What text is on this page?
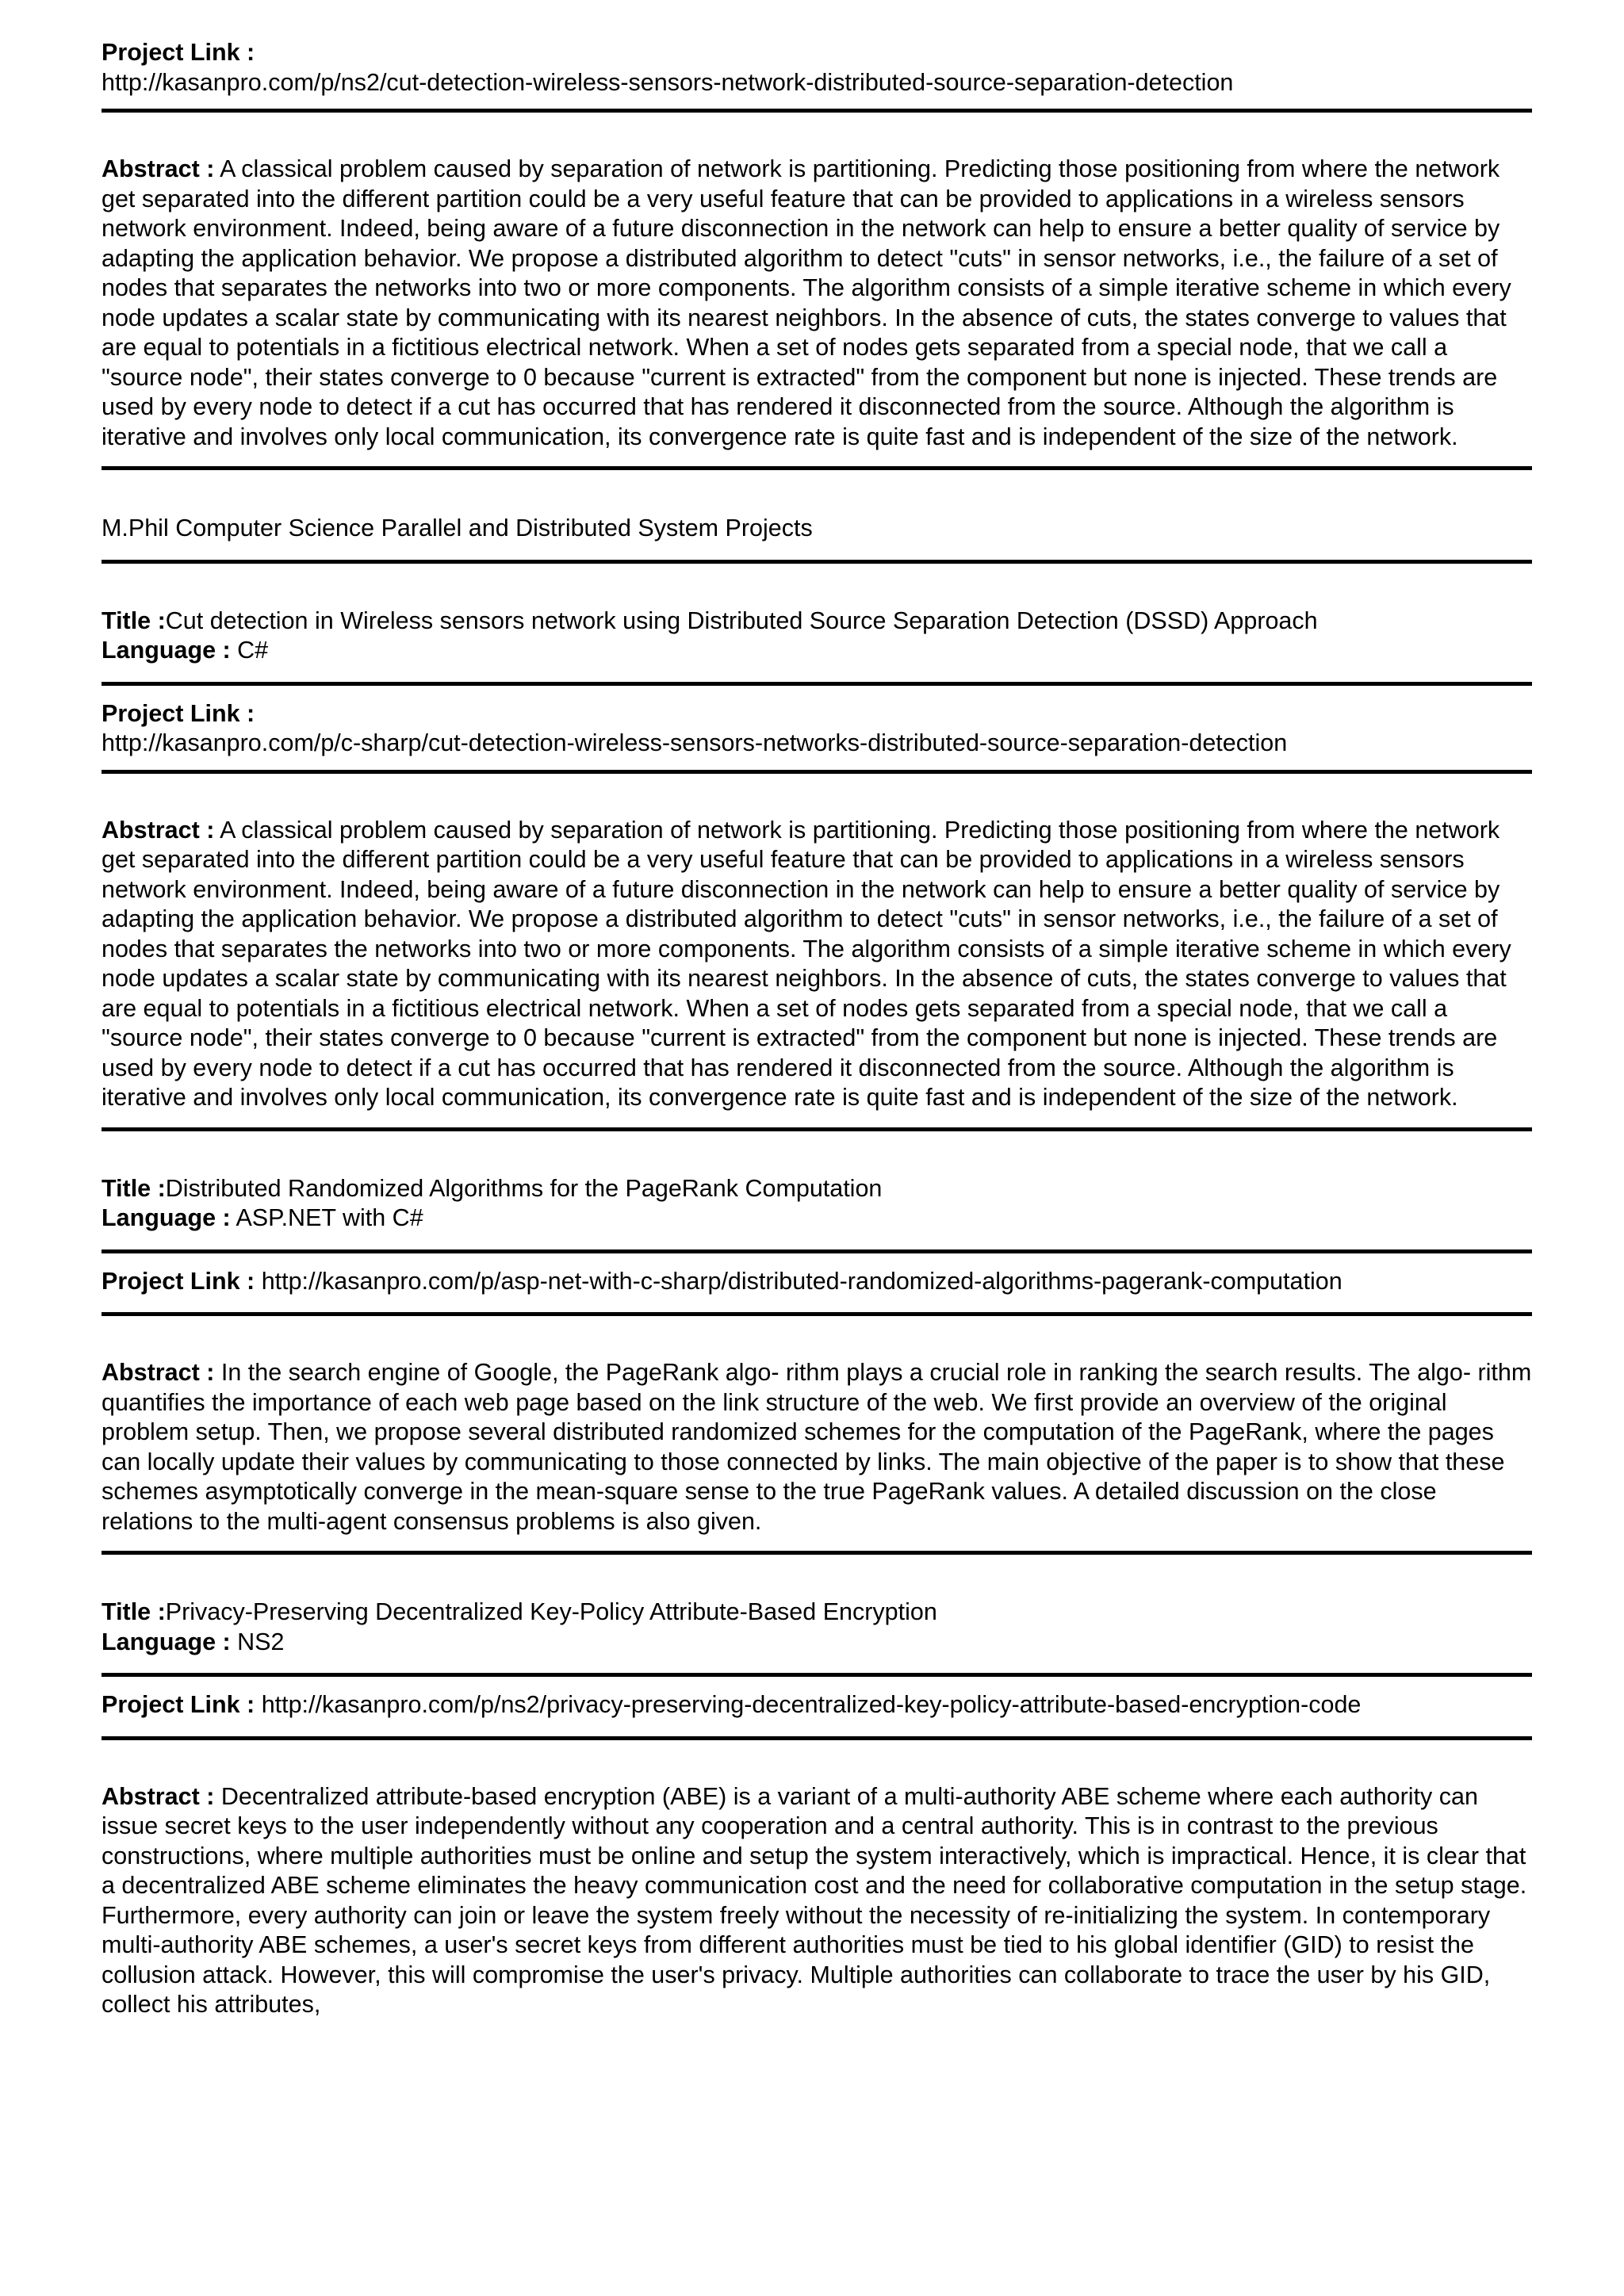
Project Link :
http://kasanpro.com/p/ns2/cut-detection-wireless-sensors-network-distributed-source-separation-detection

Abstract : A classical problem caused by separation of network is partitioning. Predicting those positioning from where the network get separated into the different partition could be a very useful feature that can be provided to applications in a wireless sensors network environment. Indeed, being aware of a future disconnection in the network can help to ensure a better quality of service by adapting the application behavior. We propose a distributed algorithm to detect "cuts" in sensor networks, i.e., the failure of a set of nodes that separates the networks into two or more components. The algorithm consists of a simple iterative scheme in which every node updates a scalar state by communicating with its nearest neighbors. In the absence of cuts, the states converge to values that are equal to potentials in a fictitious electrical network. When a set of nodes gets separated from a special node, that we call a "source node", their states converge to 0 because "current is extracted" from the component but none is injected. These trends are used by every node to detect if a cut has occurred that has rendered it disconnected from the source. Although the algorithm is iterative and involves only local communication, its convergence rate is quite fast and is independent of the size of the network.

M.Phil Computer Science Parallel and Distributed System Projects
Title :Cut detection in Wireless sensors network using Distributed Source Separation Detection (DSSD) Approach
Language : C#
Project Link :
http://kasanpro.com/p/c-sharp/cut-detection-wireless-sensors-networks-distributed-source-separation-detection

Abstract : A classical problem caused by separation of network is partitioning. Predicting those positioning from where the network get separated into the different partition could be a very useful feature that can be provided to applications in a wireless sensors network environment. Indeed, being aware of a future disconnection in the network can help to ensure a better quality of service by adapting the application behavior. We propose a distributed algorithm to detect "cuts" in sensor networks, i.e., the failure of a set of nodes that separates the networks into two or more components. The algorithm consists of a simple iterative scheme in which every node updates a scalar state by communicating with its nearest neighbors. In the absence of cuts, the states converge to values that are equal to potentials in a fictitious electrical network. When a set of nodes gets separated from a special node, that we call a "source node", their states converge to 0 because "current is extracted" from the component but none is injected. These trends are used by every node to detect if a cut has occurred that has rendered it disconnected from the source. Although the algorithm is iterative and involves only local communication, its convergence rate is quite fast and is independent of the size of the network.

Title :Distributed Randomized Algorithms for the PageRank Computation
Language : ASP.NET with C#
Project Link : http://kasanpro.com/p/asp-net-with-c-sharp/distributed-randomized-algorithms-pagerank-computation

Abstract : In the search engine of Google, the PageRank algo- rithm plays a crucial role in ranking the search results. The algo- rithm quantifies the importance of each web page based on the link structure of the web. We first provide an overview of the original problem setup. Then, we propose several distributed randomized schemes for the computation of the PageRank, where the pages can locally update their values by communicating to those connected by links. The main objective of the paper is to show that these schemes asymptotically converge in the mean-square sense to the true PageRank values. A detailed discussion on the close relations to the multi-agent consensus problems is also given.

Title :Privacy-Preserving Decentralized Key-Policy Attribute-Based Encryption
Language : NS2
Project Link : http://kasanpro.com/p/ns2/privacy-preserving-decentralized-key-policy-attribute-based-encryption-code

Abstract : Decentralized attribute-based encryption (ABE) is a variant of a multi-authority ABE scheme where each authority can issue secret keys to the user independently without any cooperation and a central authority. This is in contrast to the previous constructions, where multiple authorities must be online and setup the system interactively, which is impractical. Hence, it is clear that a decentralized ABE scheme eliminates the heavy communication cost and the need for collaborative computation in the setup stage. Furthermore, every authority can join or leave the system freely without the necessity of re-initializing the system. In contemporary multi-authority ABE schemes, a user's secret keys from different authorities must be tied to his global identifier (GID) to resist the collusion attack. However, this will compromise the user's privacy. Multiple authorities can collaborate to trace the user by his GID, collect his attributes,
